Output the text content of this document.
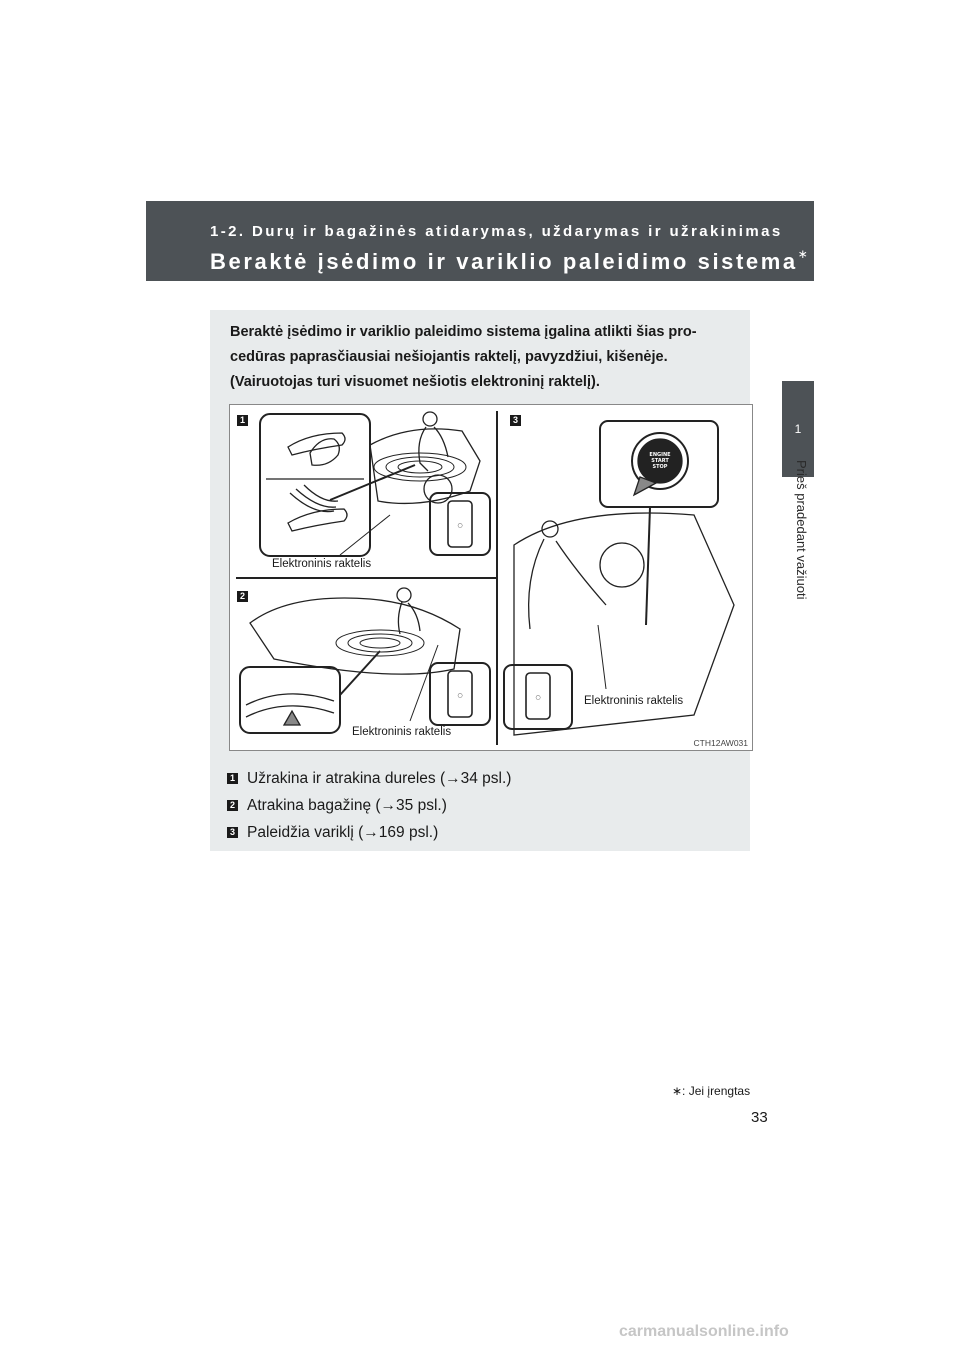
1-2. Durų ir bagažinės atidarymas, uždarymas ir užrakinimas
Beraktė įsėdimo ir variklio paleidimo sistema∗
1
Prieš pradedant važiuoti
Beraktė įsėdimo ir variklio paleidimo sistema įgalina atlikti šias pro-
cedūras paprasčiausiai nešiojantis raktelį, pavyzdžiui, kišenėje.
(Vairuotojas turi visuomet nešiotis elektroninį raktelį).
ENGINE
START
STOP
○
○	○
1
2
3
Elektroninis raktelis
Elektroninis raktelis
Elektroninis raktelis
CTH12AW031
1 Užrakina ir atrakina dureles (→34 psl.)
2 Atrakina bagažinę (→35 psl.)
3 Paleidžia variklį (→169 psl.)
∗: Jei įrengtas
33
carmanualsonline.info
